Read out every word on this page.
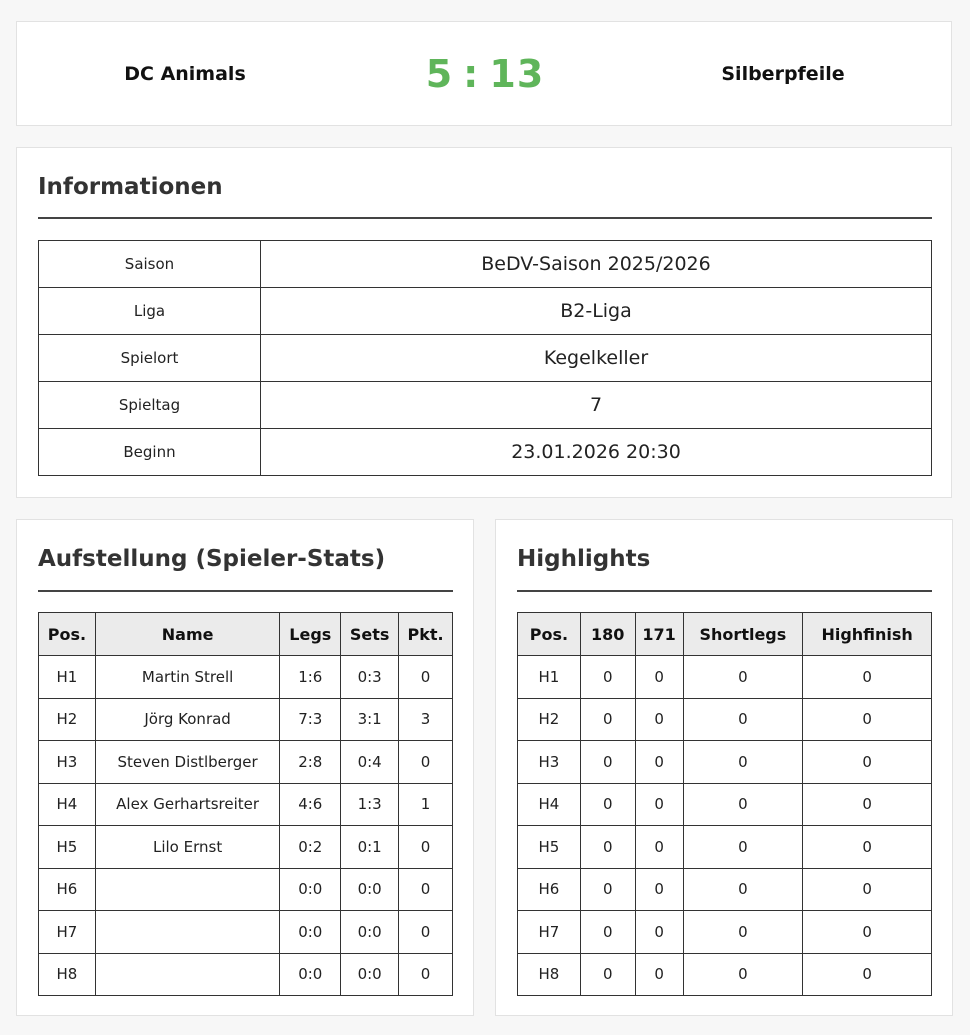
DC Animals	5 : 13	Silberpfeile
Informationen
Saison	BeDV-Saison 2025/2026
Liga	B2-Liga
Spielort	Kegelkeller
Spieltag	7
Beginn	23.01.2026 20:30
Aufstellung (Spieler-Stats)
Pos.	Name	Legs	Sets	Pkt.
H1	Martin Strell	1:6	0:3	0
H2	Jörg Konrad	7:3	3:1	3
H3	Steven Distlberger	2:8	0:4	0
H4	Alex Gerhartsreiter	4:6	1:3	1
H5	Lilo Ernst	0:2	0:1	0
H6		0:0	0:0	0
H7		0:0	0:0	0
H8		0:0	0:0	0
Highlights
Pos.	180	171	Shortlegs	Highfinish
H1	0	0	0	0
H2	0	0	0	0
H3	0	0	0	0
H4	0	0	0	0
H5	0	0	0	0
H6	0	0	0	0
H7	0	0	0	0
H8	0	0	0	0
